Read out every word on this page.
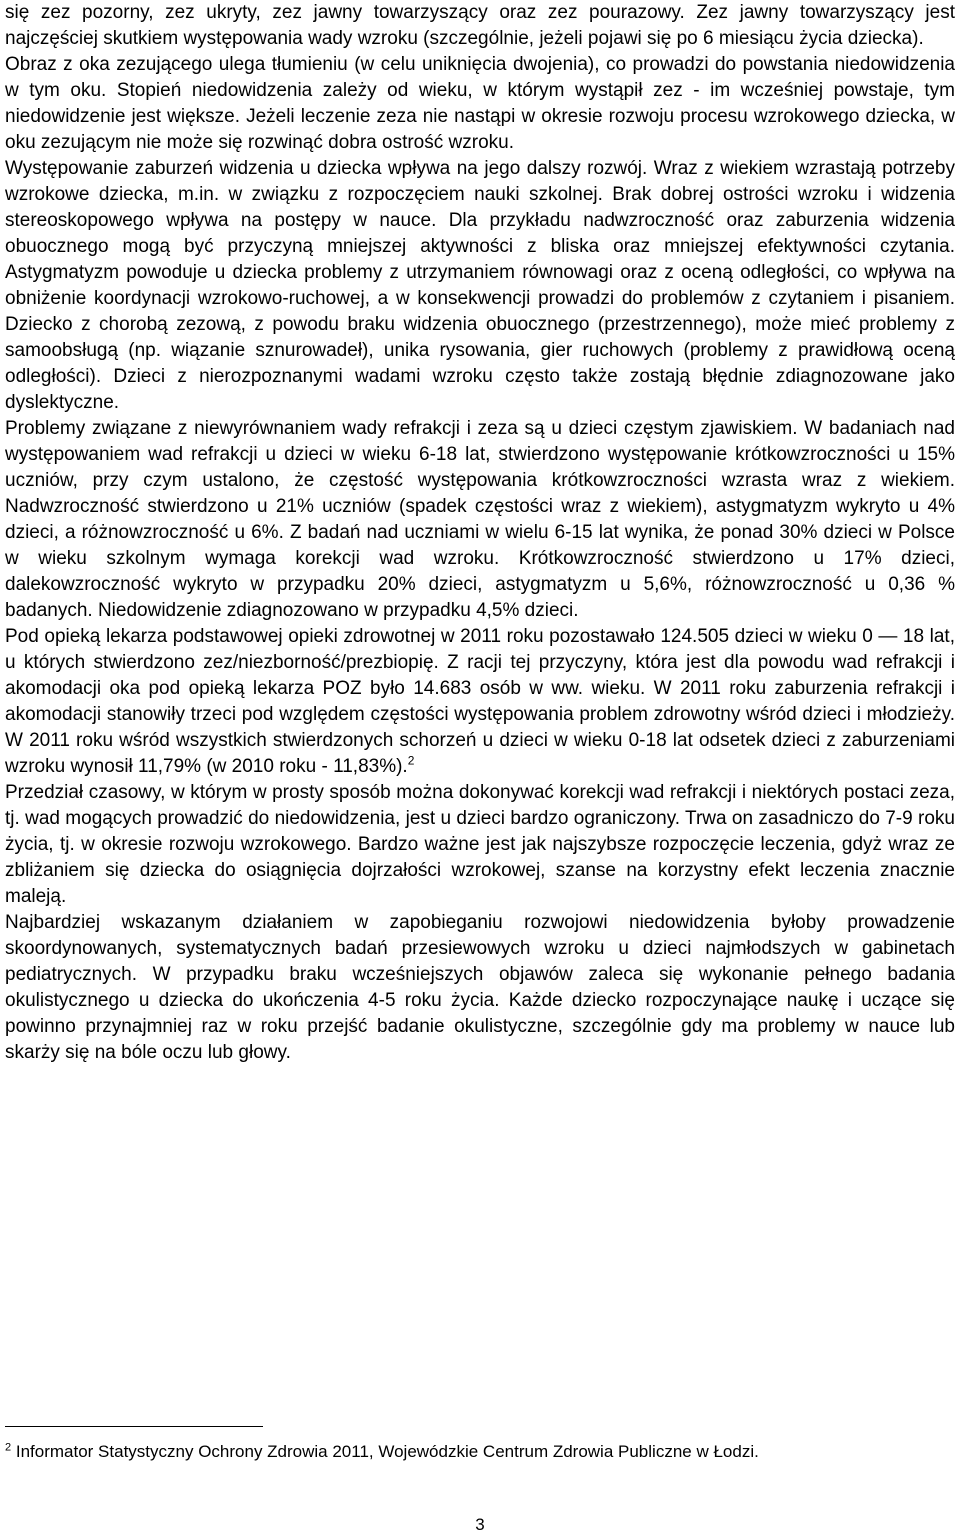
się zez pozorny, zez ukryty, zez jawny towarzyszący oraz zez pourazowy. Zez jawny towarzyszący jest najczęściej skutkiem występowania wady wzroku (szczególnie, jeżeli pojawi się po 6 miesiącu życia dziecka).

Obraz z oka zezującego ulega tłumieniu (w celu uniknięcia dwojenia), co prowadzi do powstania niedowidzenia w tym oku. Stopień niedowidzenia zależy od wieku, w którym wystąpił zez - im wcześniej powstaje, tym niedowidzenie jest większe. Jeżeli leczenie zeza nie nastąpi w okresie rozwoju procesu wzrokowego dziecka, w oku zezującym nie może się rozwinąć dobra ostrość wzroku.

Występowanie zaburzeń widzenia u dziecka wpływa na jego dalszy rozwój. Wraz z wiekiem wzrastają potrzeby wzrokowe dziecka, m.in. w związku z rozpoczęciem nauki szkolnej. Brak dobrej ostrości wzroku i widzenia stereoskopowego wpływa na postępy w nauce. Dla przykładu nadwzroczność oraz zaburzenia widzenia obuocznego mogą być przyczyną mniejszej aktywności z bliska oraz mniejszej efektywności czytania. Astygmatyzm powoduje u dziecka problemy z utrzymaniem równowagi oraz z oceną odległości, co wpływa na obniżenie koordynacji wzrokowo-ruchowej, a w konsekwencji prowadzi do problemów z czytaniem i pisaniem. Dziecko z chorobą zezową, z powodu braku widzenia obuocznego (przestrzennego), może mieć problemy z samoobsługą (np. wiązanie sznurowadeł), unika rysowania, gier ruchowych (problemy z prawidłową oceną odległości). Dzieci z nierozpoznanymi wadami wzroku często także zostają błędnie zdiagnozowane jako dyslektyczne.

Problemy związane z niewyrównaniem wady refrakcji i zeza są u dzieci częstym zjawiskiem. W badaniach nad występowaniem wad refrakcji u dzieci w wieku 6-18 lat, stwierdzono występowanie krótkowzroczności u 15% uczniów, przy czym ustalono, że częstość występowania krótkowzroczności wzrasta wraz z wiekiem. Nadwzroczność stwierdzono u 21% uczniów (spadek częstości wraz z wiekiem), astygmatyzm wykryto u 4% dzieci, a różnowzroczność u 6%. Z badań nad uczniami w wielu 6-15 lat wynika, że ponad 30% dzieci w Polsce w wieku szkolnym wymaga korekcji wad wzroku. Krótkowzroczność stwierdzono u 17% dzieci, dalekowzroczność wykryto w przypadku 20% dzieci, astygmatyzm u 5,6%, różnowzroczność u 0,36 % badanych. Niedowidzenie zdiagnozowano w przypadku 4,5% dzieci.

Pod opieką lekarza podstawowej opieki zdrowotnej w 2011 roku pozostawało 124.505 dzieci w wieku 0 — 18 lat, u których stwierdzono zez/niezborność/prezbiopię. Z racji tej przyczyny, która jest dla powodu wad refrakcji i akomodacji oka pod opieką lekarza POZ było 14.683 osób w ww. wieku. W 2011 roku zaburzenia refrakcji i akomodacji stanowiły trzeci pod względem częstości występowania problem zdrowotny wśród dzieci i młodzieży. W 2011 roku wśród wszystkich stwierdzonych schorzeń u dzieci w wieku 0-18 lat odsetek dzieci z zaburzeniami wzroku wynosił 11,79% (w 2010 roku - 11,83%).$^2$

Przedział czasowy, w którym w prosty sposób można dokonywać korekcji wad refrakcji i niektórych postaci zeza, tj. wad mogących prowadzić do niedowidzenia, jest u dzieci bardzo ograniczony. Trwa on zasadniczo do 7-9 roku życia, tj. w okresie rozwoju wzrokowego. Bardzo ważne jest jak najszybsze rozpoczęcie leczenia, gdyż wraz ze zbliżaniem się dziecka do osiągnięcia dojrzałości wzrokowej, szanse na korzystny efekt leczenia znacznie maleją.

Najbardziej wskazanym działaniem w zapobieganiu rozwojowi niedowidzenia byłoby prowadzenie skoordynowanych, systematycznych badań przesiewowych wzroku u dzieci najmłodszych w gabinetach pediatrycznych. W przypadku braku wcześniejszych objawów zaleca się wykonanie pełnego badania okulistycznego u dziecka do ukończenia 4-5 roku życia. Każde dziecko rozpoczynające naukę i uczące się powinno przynajmniej raz w roku przejść badanie okulistyczne, szczególnie gdy ma problemy w nauce lub skarży się na bóle oczu lub głowy.

$^2$ Informator Statystyczny Ochrony Zdrowia 2011, Wojewódzkie Centrum Zdrowia Publiczne w Łodzi.
3
